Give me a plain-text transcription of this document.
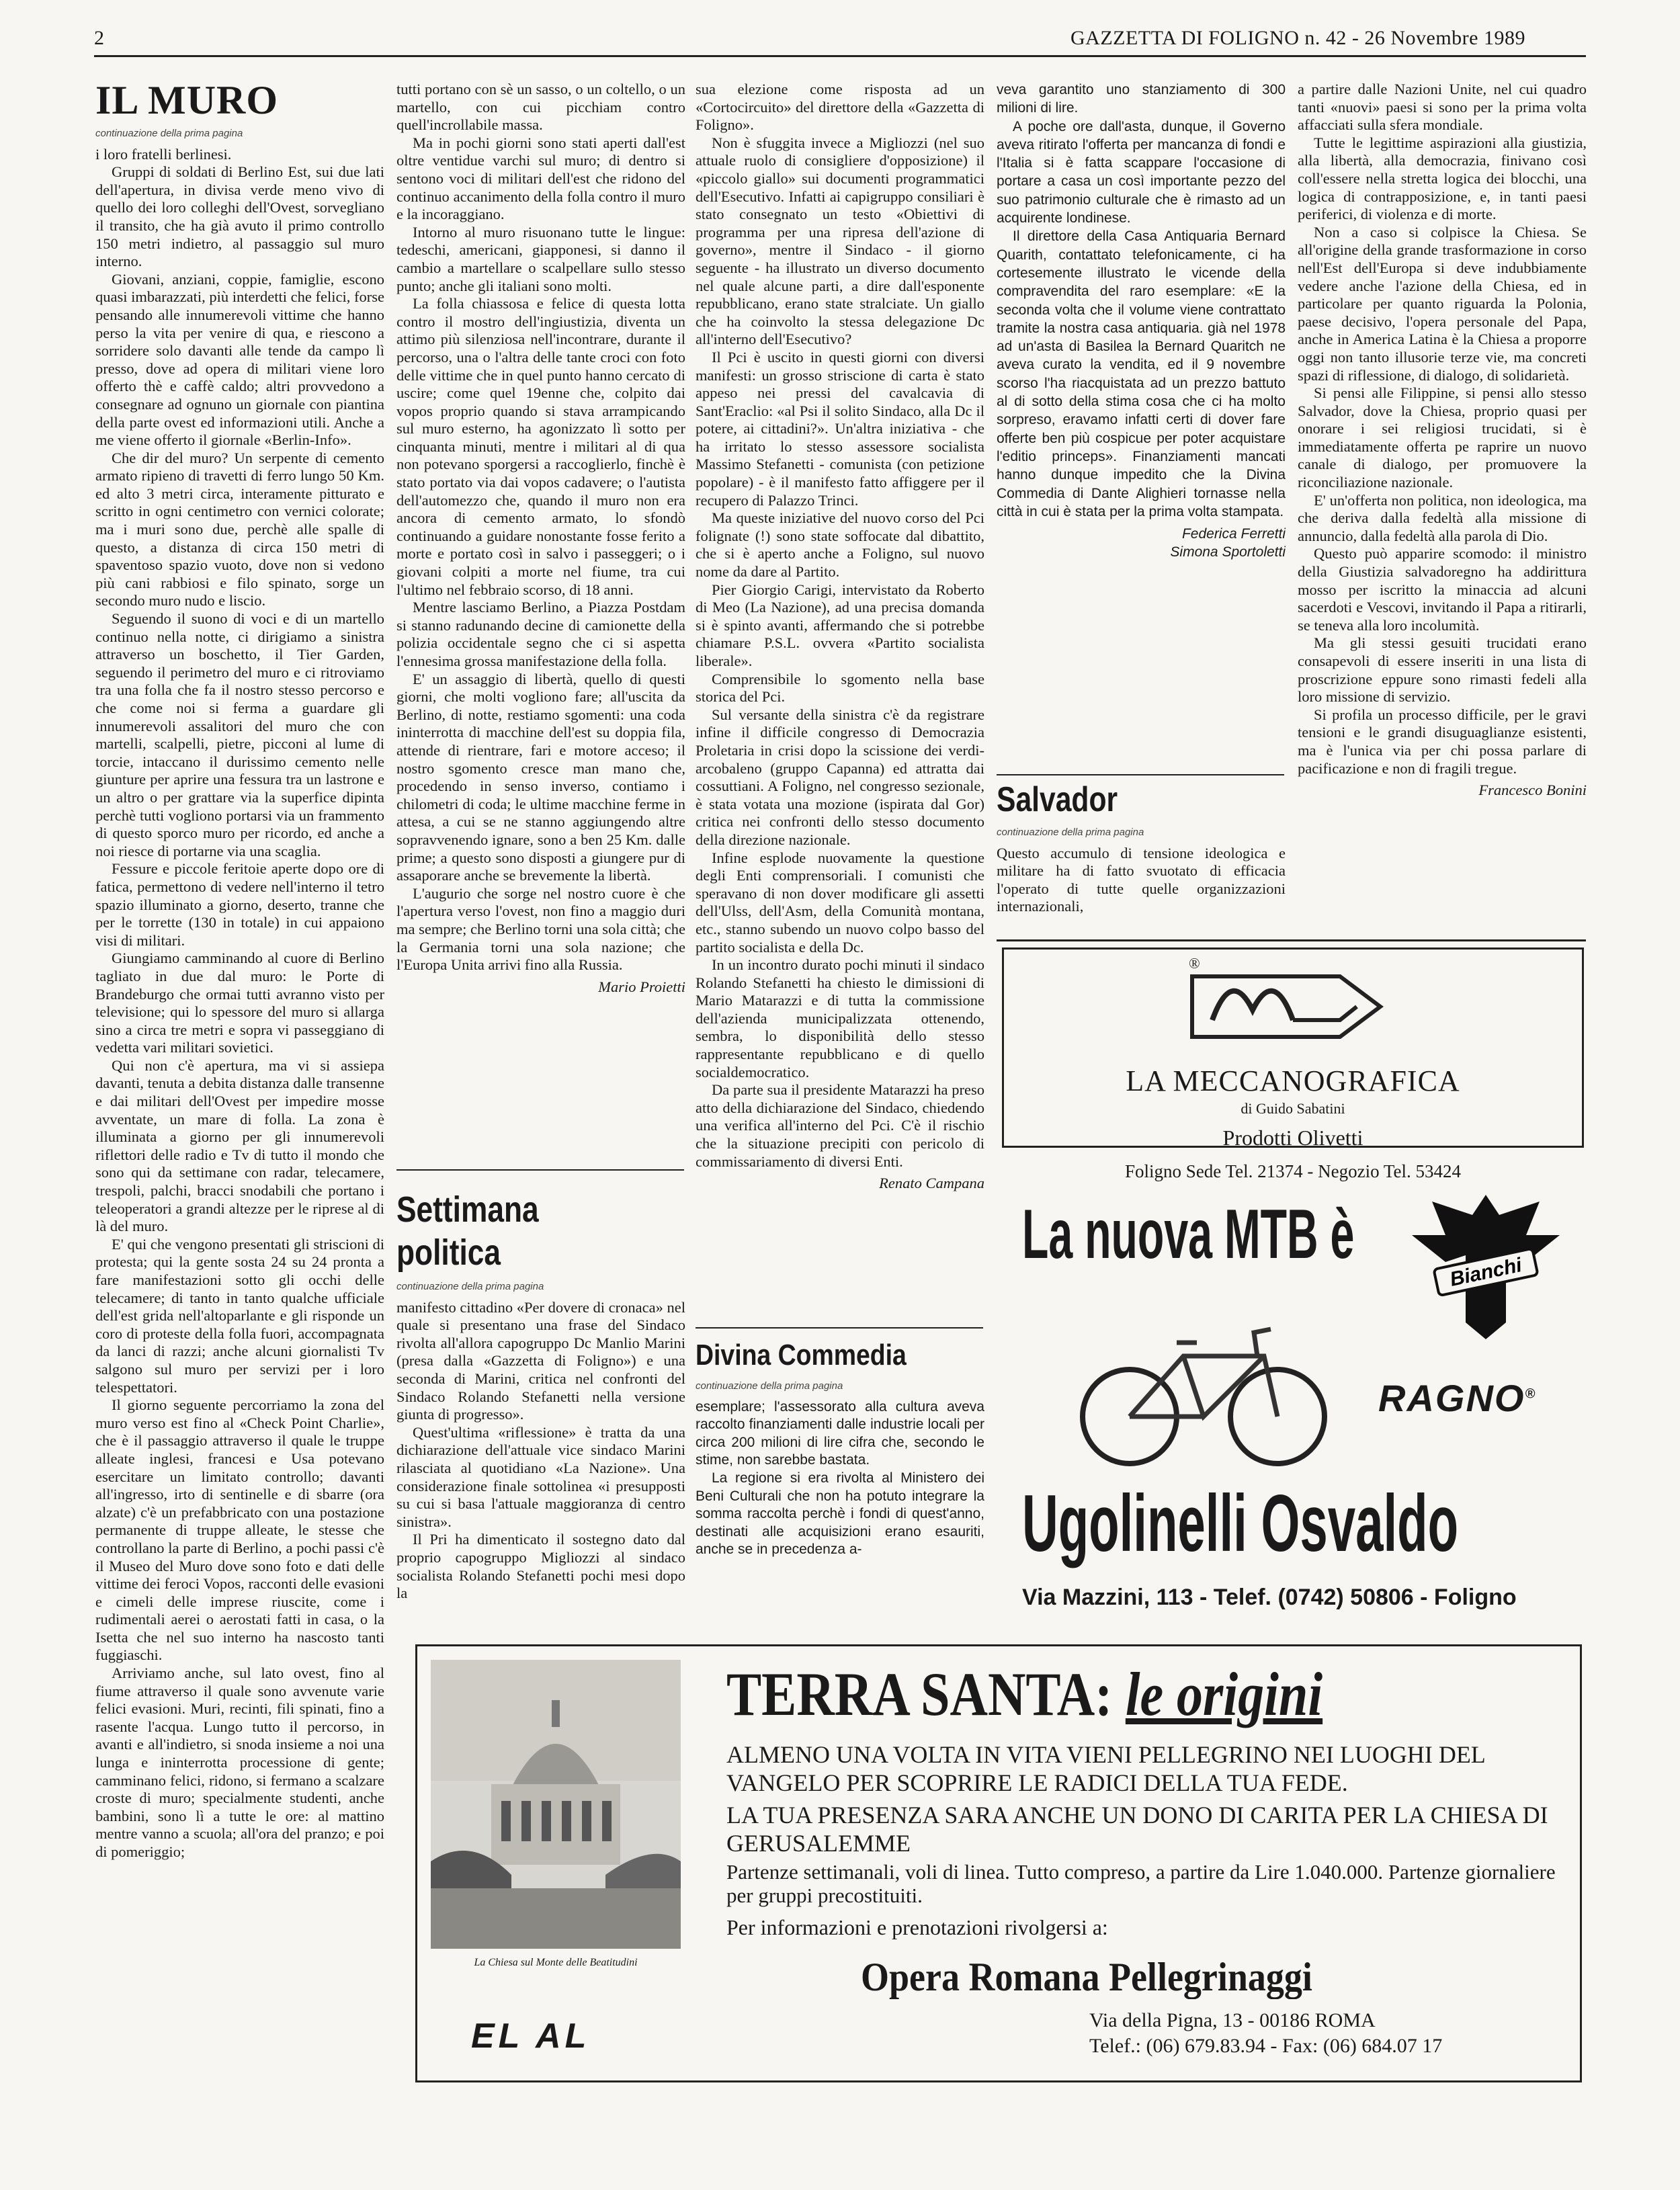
2	GAZZETTA DI FOLIGNO n. 42 - 26 Novembre 1989
IL MURO
continuazione della prima pagina

i loro fratelli berlinesi.

Gruppi di soldati di Berlino Est, sui due lati dell'apertura, in divisa verde meno vivo di quello dei loro colleghi dell'Ovest, sorvegliano il transito, che ha già avuto il primo controllo 150 metri indietro, al passaggio sul muro interno.

Giovani, anziani, coppie, famiglie, escono quasi imbarazzati, più interdetti che felici, forse pensando alle innumerevoli vittime che hanno perso la vita per venire di qua, e riescono a sorridere solo davanti alle tende da campo lì presso, dove ad opera di militari viene loro offerto thè e caffè caldo; altri provvedono a consegnare ad ognuno un giornale con piantina della parte ovest ed informazioni utili. Anche a me viene offerto il giornale «Berlin-Info».

Che dir del muro? Un serpente di cemento armato ripieno di travetti di ferro lungo 50 Km. ed alto 3 metri circa, interamente pitturato e scritto in ogni centimetro con vernici colorate; ma i muri sono due, perchè alle spalle di questo, a distanza di circa 150 metri di spaventoso spazio vuoto, dove non si vedono più cani rabbiosi e filo spinato, sorge un secondo muro nudo e liscio.

Seguendo il suono di voci e di un martello continuo nella notte, ci dirigiamo a sinistra attraverso un boschetto, il Tier Garden, seguendo il perimetro del muro e ci ritroviamo tra una folla che fa il nostro stesso percorso e che come noi si ferma a guardare gli innumerevoli assalitori del muro che con martelli, scalpelli, pietre, picconi al lume di torcie, intaccano il durissimo cemento nelle giunture per aprire una fessura tra un lastrone e un altro o per grattare via la superfice dipinta perchè tutti vogliono portarsi via un frammento di questo sporco muro per ricordo, ed anche a noi riesce di portarne via una scaglia.

Fessure e piccole feritoie aperte dopo ore di fatica, permettono di vedere nell'interno il tetro spazio illuminato a giorno, deserto, tranne che per le torrette (130 in totale) in cui appaiono visi di militari.

Giungiamo camminando al cuore di Berlino tagliato in due dal muro: le Porte di Brandeburgo che ormai tutti avranno visto per televisione; qui lo spessore del muro si allarga sino a circa tre metri e sopra vi passeggiano di vedetta vari militari sovietici.

Qui non c'è apertura, ma vi si assiepa davanti, tenuta a debita distanza dalle transenne e dai militari dell'Ovest per impedire mosse avventate, un mare di folla. La zona è illuminata a giorno per gli innumerevoli riflettori delle radio e Tv di tutto il mondo che sono qui da settimane con radar, telecamere, trespoli, palchi, bracci snodabili che portano i teleoperatori a grandi altezze per le riprese al di là del muro.

E' qui che vengono presentati gli striscioni di protesta; qui la gente sosta 24 su 24 pronta a fare manifestazioni sotto gli occhi delle telecamere; di tanto in tanto qualche ufficiale dell'est grida nell'altoparlante e gli risponde un coro di proteste della folla fuori, accompagnata da lanci di razzi; anche alcuni giornalisti Tv salgono sul muro per servizi per i loro telespettatori.

Il giorno seguente percorriamo la zona del muro verso est fino al «Check Point Charlie», che è il passaggio attraverso il quale le truppe alleate inglesi, francesi e Usa potevano esercitare un limitato controllo; davanti all'ingresso, irto di sentinelle e di sbarre (ora alzate) c'è un prefabbricato con una postazione permanente di truppe alleate, le stesse che controllano la parte di Berlino, a pochi passi c'è il Museo del Muro dove sono foto e dati delle vittime dei feroci Vopos, racconti delle evasioni e cimeli delle imprese riuscite, come i rudimentali aerei o aerostati fatti in casa, o la Isetta che nel suo interno ha nascosto tanti fuggiaschi.

Arriviamo anche, sul lato ovest, fino al fiume attraverso il quale sono avvenute varie felici evasioni. Muri, recinti, fili spinati, fino a rasente l'acqua. Lungo tutto il percorso, in avanti e all'indietro, si snoda insieme a noi una lunga e ininterrotta processione di gente; camminano felici, ridono, si fermano a scalzare croste di muro; specialmente studenti, anche bambini, sono lì a tutte le ore: al mattino mentre vanno a scuola; all'ora del pranzo; e poi di pomeriggio;

tutti portano con sè un sasso, o un coltello, o un martello, con cui picchiam contro quell'incrollabile massa.

Ma in pochi giorni sono stati aperti dall'est oltre ventidue varchi sul muro; di dentro si sentono voci di militari dell'est che ridono del continuo accanimento della folla contro il muro e la incoraggiano.

Intorno al muro risuonano tutte le lingue: tedeschi, americani, giapponesi, si danno il cambio a martellare o scalpellare sullo stesso punto; anche gli italiani sono molti.

La folla chiassosa e felice di questa lotta contro il mostro dell'ingiustizia, diventa un attimo più silenziosa nell'incontrare, durante il percorso, una o l'altra delle tante croci con foto delle vittime che in quel punto hanno cercato di uscire; come quel 19enne che, colpito dai vopos proprio quando si stava arrampicando sul muro esterno, ha agonizzato lì sotto per cinquanta minuti, mentre i militari al di qua non potevano sporgersi a raccoglierlo, finchè è stato portato via dai vopos cadavere; o l'autista dell'automezzo che, quando il muro non era ancora di cemento armato, lo sfondò continuando a guidare nonostante fosse ferito a morte e portato così in salvo i passeggeri; o i giovani colpiti a morte nel fiume, tra cui l'ultimo nel febbraio scorso, di 18 anni.

Mentre lasciamo Berlino, a Piazza Postdam si stanno radunando decine di camionette della polizia occidentale segno che ci si aspetta l'ennesima grossa manifestazione della folla.

E' un assaggio di libertà, quello di questi giorni, che molti vogliono fare; all'uscita da Berlino, di notte, restiamo sgomenti: una coda ininterrotta di macchine dell'est su doppia fila, attende di rientrare, fari e motore acceso; il nostro sgomento cresce man mano che, procedendo in senso inverso, contiamo i chilometri di coda; le ultime macchine ferme in attesa, a cui se ne stanno aggiungendo altre sopravvenendo ignare, sono a ben 25 Km. dalle prime; a questo sono disposti a giungere pur di assaporare anche se brevemente la libertà.

L'augurio che sorge nel nostro cuore è che l'apertura verso l'ovest, non fino a maggio duri ma sempre; che Berlino torni una sola città; che la Germania torni una sola nazione; che l'Europa Unita arrivi fino alla Russia.

Mario Proietti
Settimana
politica
continuazione della prima pagina

manifesto cittadino «Per dovere di cronaca» nel quale si presentano una frase del Sindaco rivolta all'allora capogruppo Dc Manlio Marini (presa dalla «Gazzetta di Foligno») e una seconda di Marini, critica nel confronti del Sindaco Rolando Stefanetti nella versione giunta di progresso».

Quest'ultima «riflessione» è tratta da una dichiarazione dell'attuale vice sindaco Marini rilasciata al quotidiano «La Nazione». Una considerazione finale sottolinea «i presupposti su cui si basa l'attuale maggioranza di centro sinistra».

Il Pri ha dimenticato il sostegno dato dal proprio capogruppo Migliozzi al sindaco socialista Rolando Stefanetti pochi mesi dopo la

sua elezione come risposta ad un «Cortocircuito» del direttore della «Gazzetta di Foligno».

Non è sfuggita invece a Migliozzi (nel suo attuale ruolo di consigliere d'opposizione) il «piccolo giallo» sui documenti programmatici dell'Esecutivo. Infatti ai capigruppo consiliari è stato consegnato un testo «Obiettivi di programma per una ripresa dell'azione di governo», mentre il Sindaco - il giorno seguente - ha illustrato un diverso documento nel quale alcune parti, a dire dall'esponente repubblicano, erano state stralciate. Un giallo che ha coinvolto la stessa delegazione Dc all'interno dell'Esecutivo?

Il Pci è uscito in questi giorni con diversi manifesti: un grosso striscione di carta è stato appeso nei pressi del cavalcavia di Sant'Eraclio: «al Psi il solito Sindaco, alla Dc il potere, ai cittadini?». Un'altra iniziativa - che ha irritato lo stesso assessore socialista Massimo Stefanetti - comunista (con petizione popolare) - è il manifesto fatto affiggere per il recupero di Palazzo Trinci.

Ma queste iniziative del nuovo corso del Pci folignate (!) sono state soffocate dal dibattito, che si è aperto anche a Foligno, sul nuovo nome da dare al Partito.

Pier Giorgio Carigi, intervistato da Roberto di Meo (La Nazione), ad una precisa domanda si è spinto avanti, affermando che si potrebbe chiamare P.S.L. ovvera «Partito socialista liberale».

Comprensibile lo sgomento nella base storica del Pci.

Sul versante della sinistra c'è da registrare infine il difficile congresso di Democrazia Proletaria in crisi dopo la scissione dei verdi-arcobaleno (gruppo Capanna) ed attratta dai cossuttiani. A Foligno, nel congresso sezionale, è stata votata una mozione (ispirata dal Gor) critica nei confronti dello stesso documento della direzione nazionale.

Infine esplode nuovamente la questione degli Enti comprensoriali. I comunisti che speravano di non dover modificare gli assetti dell'Ulss, dell'Asm, della Comunità montana, etc., stanno subendo un nuovo colpo basso del partito socialista e della Dc.

In un incontro durato pochi minuti il sindaco Rolando Stefanetti ha chiesto le dimissioni di Mario Matarazzi e di tutta la commissione dell'azienda municipalizzata ottenendo, sembra, lo disponibilità dello stesso rappresentante repubblicano e di quello socialdemocratico.

Da parte sua il presidente Matarazzi ha preso atto della dichiarazione del Sindaco, chiedendo una verifica all'interno del Pci. C'è il rischio che la situazione precipiti con pericolo di commissariamento di diversi Enti.

Renato Campana
Divina Commedia
continuazione della prima pagina

esemplare; l'assessorato alla cultura aveva raccolto finanziamenti dalle industrie locali per circa 200 milioni di lire cifra che, secondo le stime, non sarebbe bastata.

La regione si era rivolta al Ministero dei Beni Culturali che non ha potuto integrare la somma raccolta perchè i fondi di quest'anno, destinati alle acquisizioni erano esauriti, anche se in precedenza a-

veva garantito uno stanziamento di 300 milioni di lire.

A poche ore dall'asta, dunque, il Governo aveva ritirato l'offerta per mancanza di fondi e l'Italia si è fatta scappare l'occasione di portare a casa un così importante pezzo del suo patrimonio culturale che è rimasto ad un acquirente londinese.

Il direttore della Casa Antiquaria Bernard Quarith, contattato telefonicamente, ci ha cortesemente illustrato le vicende della compravendita del raro esemplare: «E la seconda volta che il volume viene contrattato tramite la nostra casa antiquaria. già nel 1978 ad un'asta di Basilea la Bernard Quaritch ne aveva curato la vendita, ed il 9 novembre scorso l'ha riacquistata ad un prezzo battuto al di sotto della stima cosa che ci ha molto sorpreso, eravamo infatti certi di dover fare offerte ben più cospicue per poter acquistare l'editio princeps». Finanziamenti mancati hanno dunque impedito che la Divina Commedia di Dante Alighieri tornasse nella città in cui è stata per la prima volta stampata.

Federica Ferretti
Simona Sportoletti
Salvador
continuazione della prima pagina

Questo accumulo di tensione ideologica e militare ha di fatto svuotato di efficacia l'operato di tutte quelle organizzazioni internazionali,

a partire dalle Nazioni Unite, nel cui quadro tanti «nuovi» paesi si sono per la prima volta affacciati sulla sfera mondiale.

Tutte le legittime aspirazioni alla giustizia, alla libertà, alla democrazia, finivano così coll'essere nella stretta logica dei blocchi, una logica di contrapposizione, e, in tanti paesi periferici, di violenza e di morte.

Non a caso si colpisce la Chiesa. Se all'origine della grande trasformazione in corso nell'Est dell'Europa si deve indubbiamente vedere anche l'azione della Chiesa, ed in particolare per quanto riguarda la Polonia, paese decisivo, l'opera personale del Papa, anche in America Latina è la Chiesa a proporre oggi non tanto illusorie terze vie, ma concreti spazi di riflessione, di dialogo, di solidarietà.

Si pensi alle Filippine, si pensi allo stesso Salvador, dove la Chiesa, proprio quasi per onorare i sei religiosi trucidati, si è immediatamente offerta pe raprire un nuovo canale di dialogo, per promuovere la riconciliazione nazionale.

E' un'offerta non politica, non ideologica, ma che deriva dalla fedeltà alla missione di annuncio, dalla fedeltà alla parola di Dio.

Questo può apparire scomodo: il ministro della Giustizia salvadoregno ha addirittura mosso per iscritto la minaccia ad alcuni sacerdoti e Vescovi, invitando il Papa a ritirarli, se teneva alla loro incolumità.

Ma gli stessi gesuiti trucidati erano consapevoli di essere inseriti in una lista di proscrizione eppure sono rimasti fedeli alla loro missione di servizio.

Si profila un processo difficile, per le gravi tensioni e le grandi disuguaglianze esistenti, ma è l'unica via per chi possa parlare di pacificazione e non di fragili tregue.

Francesco Bonini
®
LA MECCANOGRAFICA
di Guido Sabatini
Prodotti Olivetti
Foligno Sede Tel. 21374 - Negozio Tel. 53424
La nuova MTB è	Bianchi
RAGNO®
Ugolinelli Osvaldo
Via Mazzini, 113 - Telef. (0742) 50806 - Foligno
La Chiesa sul Monte delle Beatitudini
EL AL
TERRA SANTA: le origini
ALMENO UNA VOLTA IN VITA VIENI PELLEGRINO NEI LUOGHI DEL VANGELO PER SCOPRIRE LE RADICI DELLA TUA FEDE.
LA TUA PRESENZA SARA ANCHE UN DONO DI CARITA PER LA CHIESA DI GERUSALEMME
Partenze settimanali, voli di linea. Tutto compreso, a partire da Lire 1.040.000. Partenze giornaliere per gruppi precostituiti.
Per informazioni e prenotazioni rivolgersi a:
Opera Romana Pellegrinaggi
Via della Pigna, 13 - 00186 ROMA
Telef.: (06) 679.83.94 - Fax: (06) 684.07 17
